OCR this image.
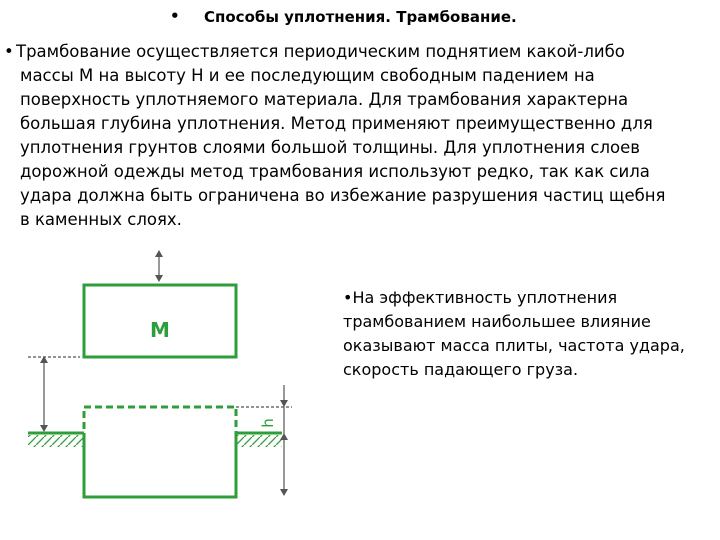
• Способы уплотнения. Трамбование.
• Трамбование осуществляется периодическим поднятием какой-либо
массы М на высоту Н и ее последующим свободным падением на
поверхность уплотняемого материала. Для трамбования характерна
большая глубина уплотнения. Метод применяют преимущественно для
уплотнения грунтов слоями большой толщины. Для уплотнения слоев
дорожной одежды метод трамбования используют редко, так как сила
удара должна быть ограничена во избежание разрушения частиц щебня
в каменных слоях.
М
h
•На эффективность уплотнения
трамбованием наибольшее влияние
оказывают масса плиты, частота удара,
скорость падающего груза.
